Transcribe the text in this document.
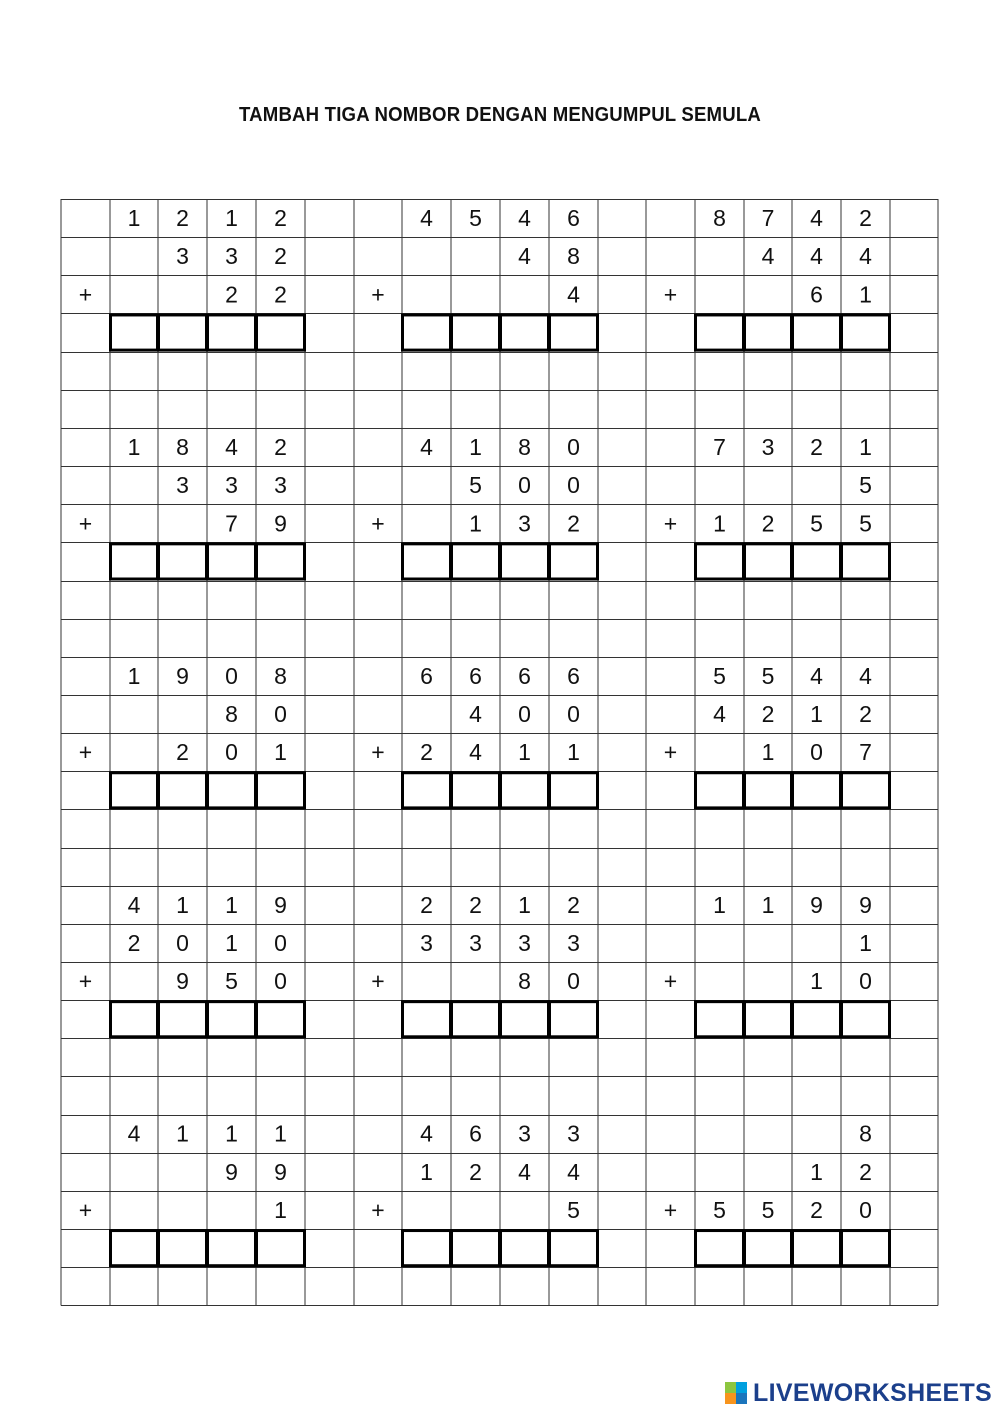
TAMBAH TIGA NOMBOR DENGAN MENGUMPUL SEMULA
1 2 1 2
3 3 2
2 2
+
4 5 4 6
4 8
4
+
8 7 4 2
4 4 4
6 1
+
1 8 4 2
3 3 3
7 9
+
4 1 8 0
5 0 0
1 3 2
+
7 3 2 1
5
1 2 5 5
+
1 9 0 8
8 0
2 0 1
+
6 6 6 6
4 0 0
2 4 1 1
+
5 5 4 4
4 2 1 2
1 0 7
+
4 1 1 9
2 0 1 0
9 5 0
+
2 2 1 2
3 3 3 3
8 0
+
1 1 9 9
1
1 0
+
4 1 1 1
9 9
1
+
4 6 3 3
1 2 4 4
5
+
8
1 2
5 5 2 0
+
LIVEWORKSHEETS
